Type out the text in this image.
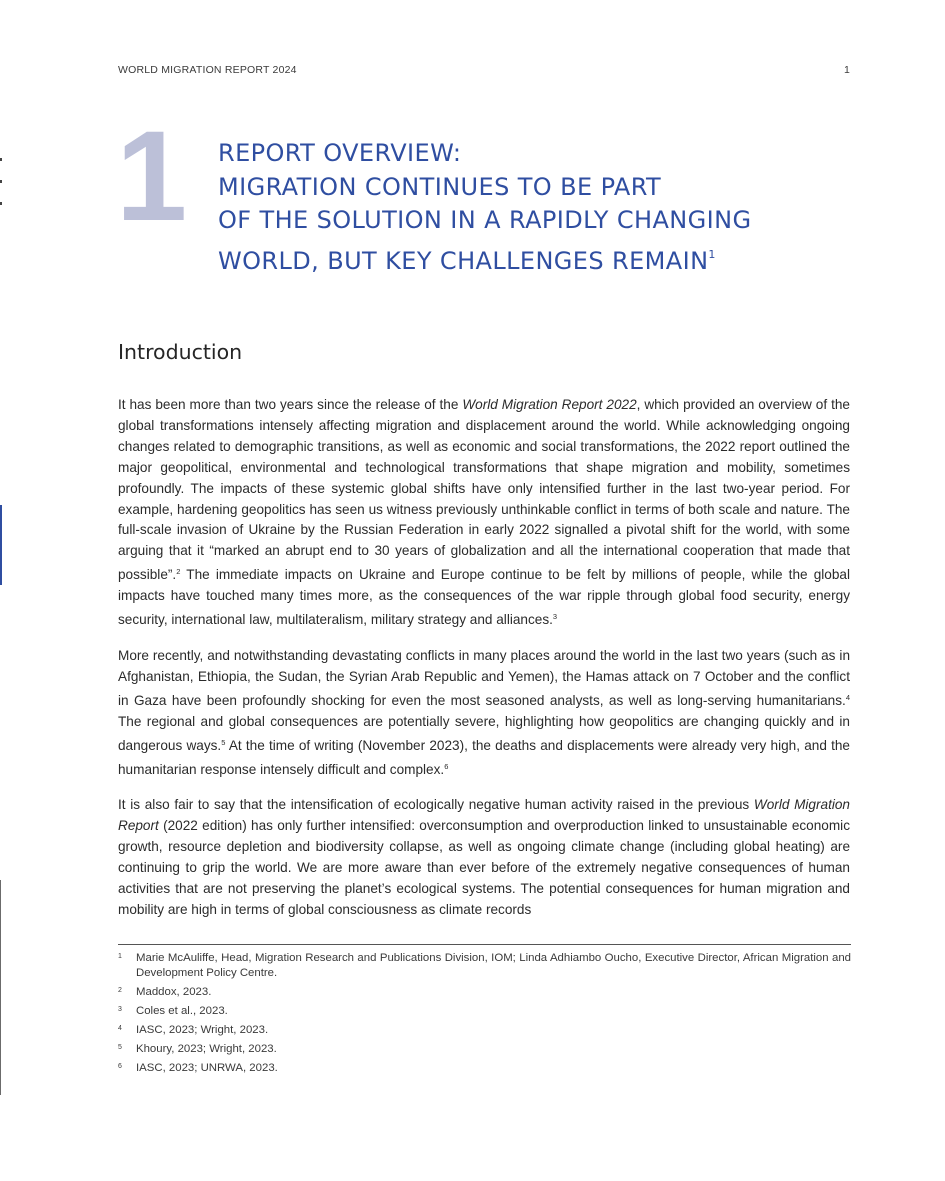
WORLD MIGRATION REPORT 2024	1
1	REPORT OVERVIEW:
MIGRATION CONTINUES TO BE PART
OF THE SOLUTION IN A RAPIDLY CHANGING
WORLD, BUT KEY CHALLENGES REMAIN$^1$
Introduction

It has been more than two years since the release of the World Migration Report 2022, which provided an overview of the global transformations intensely affecting migration and displacement around the world. While acknowledging ongoing changes related to demographic transitions, as well as economic and social transformations, the 2022 report outlined the major geopolitical, environmental and technological transformations that shape migration and mobility, sometimes profoundly. The impacts of these systemic global shifts have only intensified further in the last two-year period. For example, hardening geopolitics has seen us witness previously unthinkable conflict in terms of both scale and nature. The full-scale invasion of Ukraine by the Russian Federation in early 2022 signalled a pivotal shift for the world, with some arguing that it “marked an abrupt end to 30 years of globalization and all the international cooperation that made that possible”.$^2$ The immediate impacts on Ukraine and Europe continue to be felt by millions of people, while the global impacts have touched many times more, as the consequences of the war ripple through global food security, energy security, international law, multilateralism, military strategy and alliances.$^3$

More recently, and notwithstanding devastating conflicts in many places around the world in the last two years (such as in Afghanistan, Ethiopia, the Sudan, the Syrian Arab Republic and Yemen), the Hamas attack on 7 October and the conflict in Gaza have been profoundly shocking for even the most seasoned analysts, as well as long-serving humanitarians.$^4$ The regional and global consequences are potentially severe, highlighting how geopolitics are changing quickly and in dangerous ways.$^5$ At the time of writing (November 2023), the deaths and displacements were already very high, and the humanitarian response intensely difficult and complex.$^6$

It is also fair to say that the intensification of ecologically negative human activity raised in the previous World Migration Report (2022 edition) has only further intensified: overconsumption and overproduction linked to unsustainable economic growth, resource depletion and biodiversity collapse, as well as ongoing climate change (including global heating) are continuing to grip the world. We are more aware than ever before of the extremely negative consequences of human activities that are not preserving the planet’s ecological systems. The potential consequences for human migration and mobility are high in terms of global consciousness as climate records

1 Marie McAuliffe, Head, Migration Research and Publications Division, IOM; Linda Adhiambo Oucho, Executive Director, African Migration and Development Policy Centre.
2 Maddox, 2023.
3 Coles et al., 2023.
4 IASC, 2023; Wright, 2023.
5 Khoury, 2023; Wright, 2023.
6 IASC, 2023; UNRWA, 2023.
